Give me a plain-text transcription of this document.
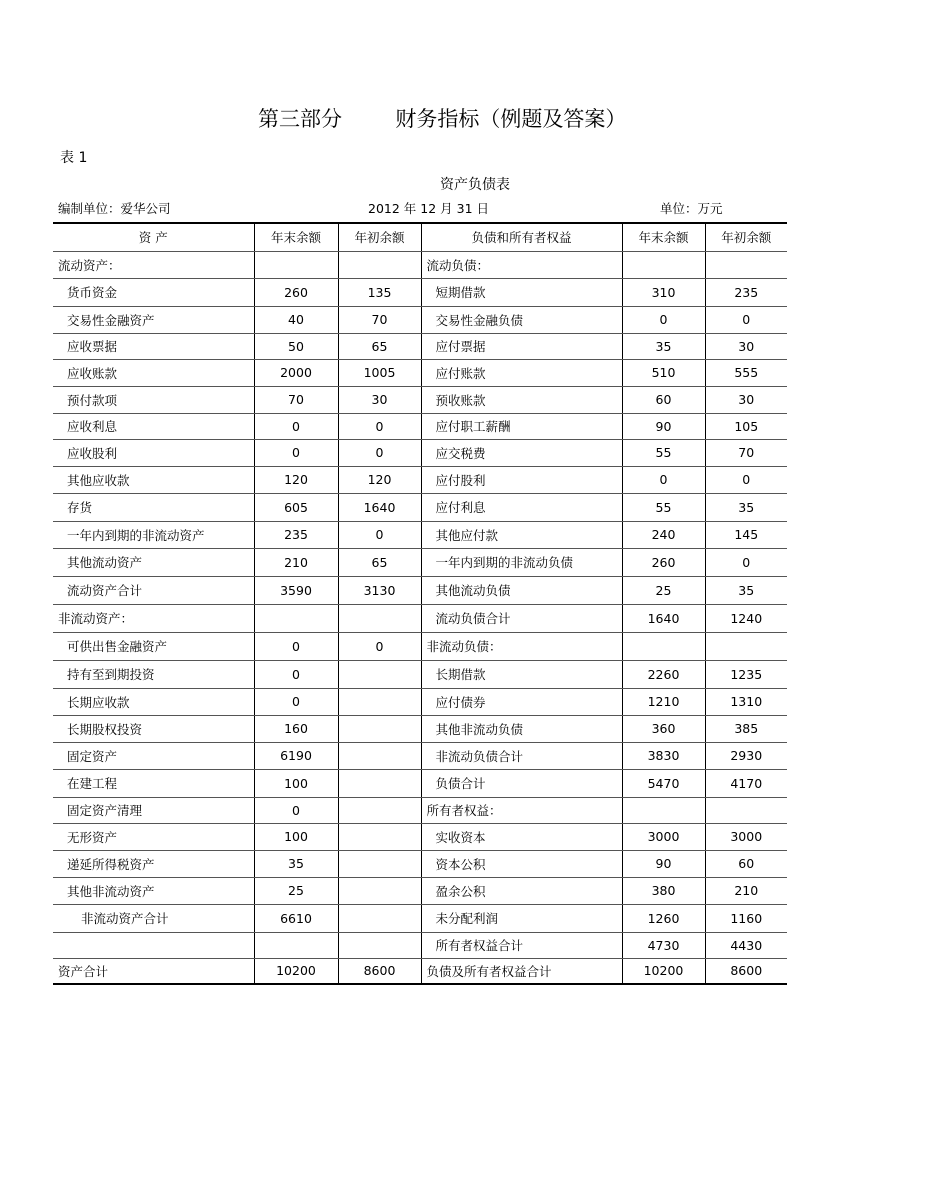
第三部分        财务指标（例题及答案）
表 1
资产负债表
编制单位：爱华公司	2012 年 12 月 31 日	单位：万元
资 产	年末余额	年初余额	负债和所有者权益	年末余额	年初余额
流动资产：			流动负债：		
货币资金	260	135	短期借款	310	235
交易性金融资产	40	70	交易性金融负债	0	0
应收票据	50	65	应付票据	35	30
应收账款	2000	1005	应付账款	510	555
预付款项	70	30	预收账款	60	30
应收利息	0	0	应付职工薪酬	90	105
应收股利	0	0	应交税费	55	70
其他应收款	120	120	应付股利	0	0
存货	605	1640	应付利息	55	35
一年内到期的非流动资产	235	0	其他应付款	240	145
其他流动资产	210	65	一年内到期的非流动负债	260	0
流动资产合计	3590	3130	其他流动负债	25	35
非流动资产：			流动负债合计	1640	1240
可供出售金融资产	0	0	非流动负债：		
持有至到期投资	0		长期借款	2260	1235
长期应收款	0		应付债券	1210	1310
长期股权投资	160		其他非流动负债	360	385
固定资产	6190		非流动负债合计	3830	2930
在建工程	100		负债合计	5470	4170
固定资产清理	0		所有者权益：		
无形资产	100		实收资本	3000	3000
递延所得税资产	35		资本公积	90	60
其他非流动资产	25		盈余公积	380	210
非流动资产合计	6610		未分配利润	1260	1160
			所有者权益合计	4730	4430
资产合计	10200	8600	负债及所有者权益合计	10200	8600
